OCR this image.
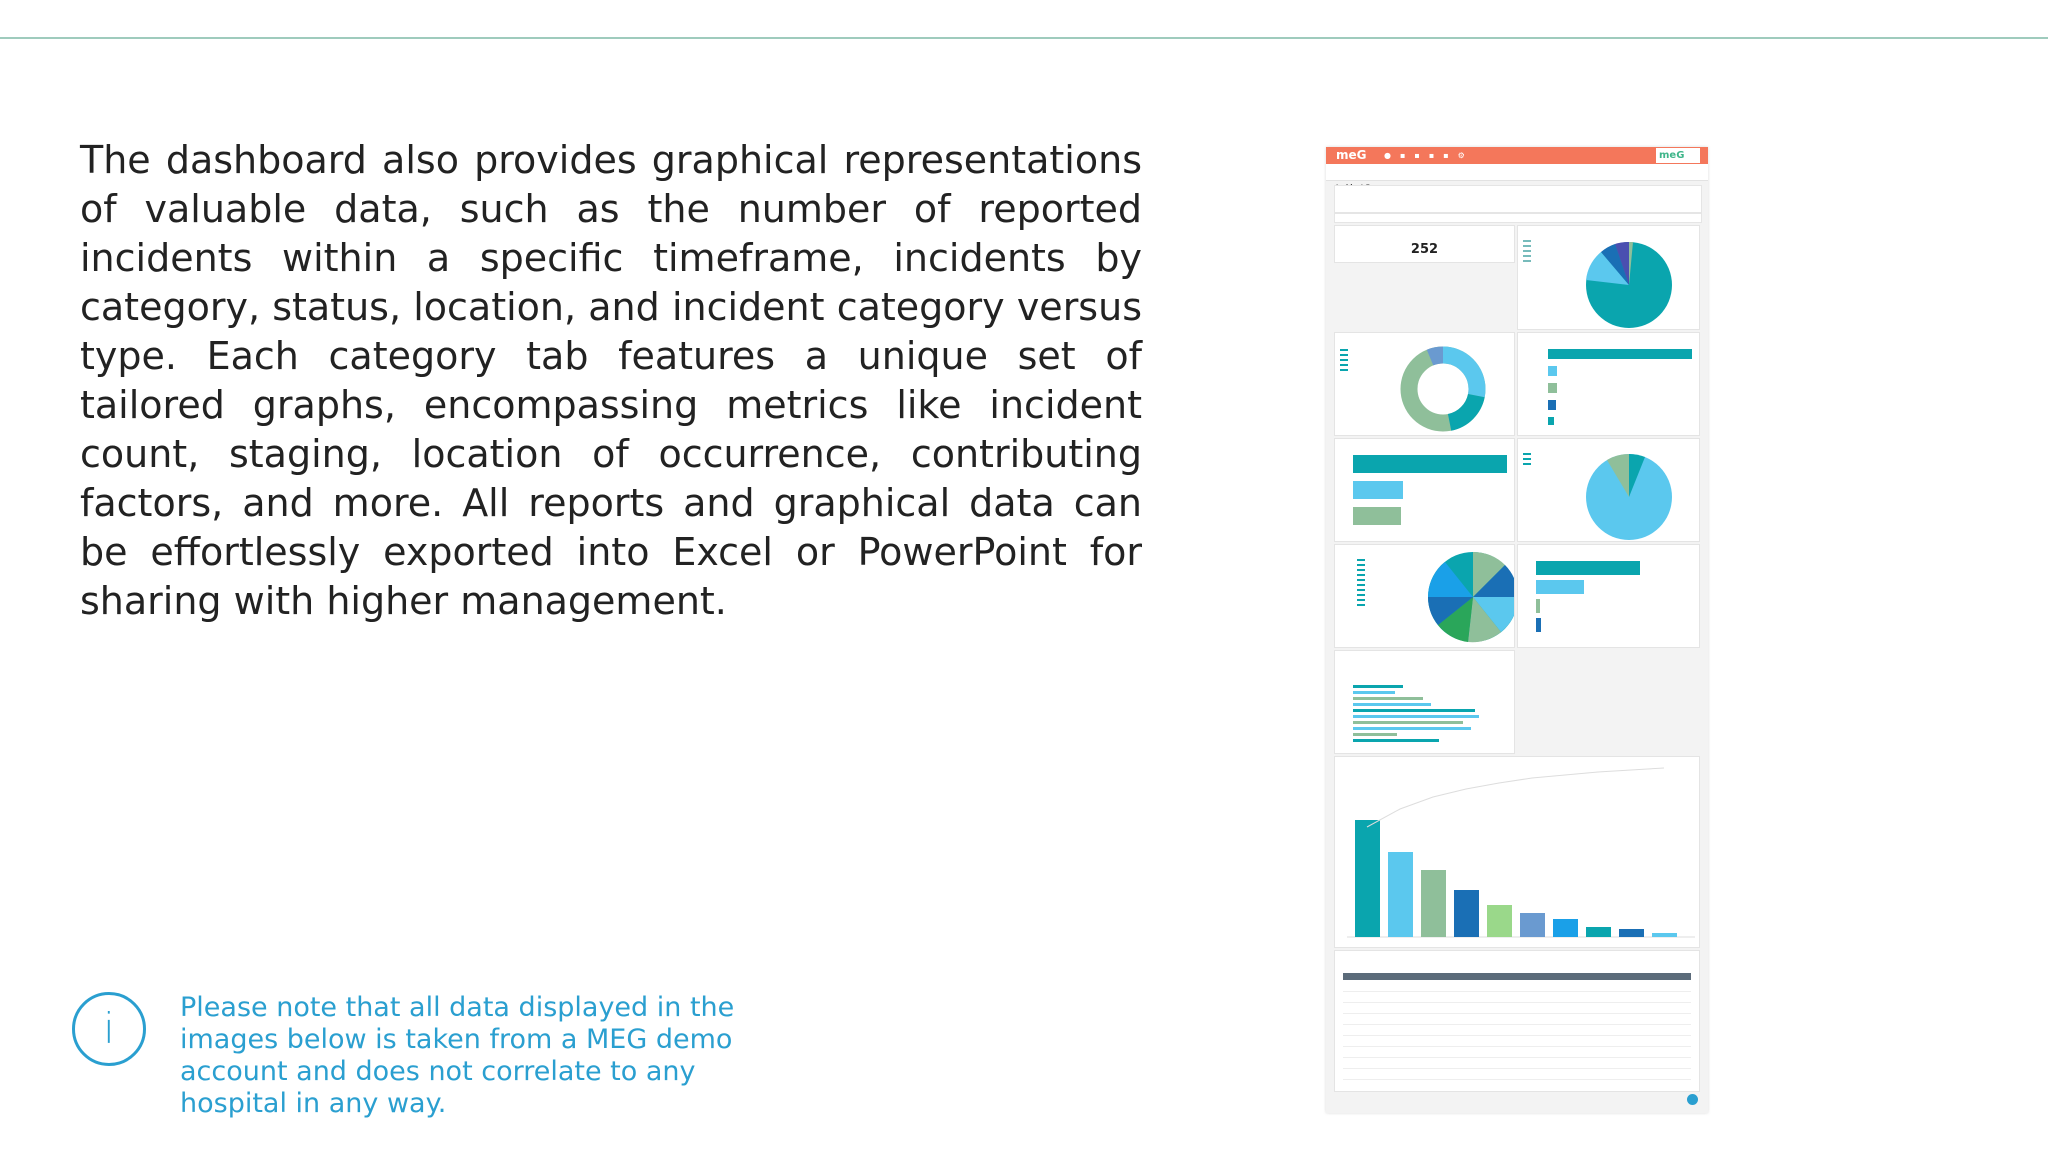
The dashboard also provides graphical representations of valuable data, such as the number of reported incidents within a specific timeframe, incidents by category, status, location, and incident category versus type. Each category tab features a unique set of tailored graphs, encompassing metrics like incident count, staging, location of occurrence, contributing factors, and more. All reports and graphical data can be effortlessly exported into Excel or PowerPoint for sharing with higher management.

i	Please note that all data displayed in the images below is taken from a MEG demo account and does not correlate to any hospital in any way.

meG ●▪▪▪▪⚙	meG
252
